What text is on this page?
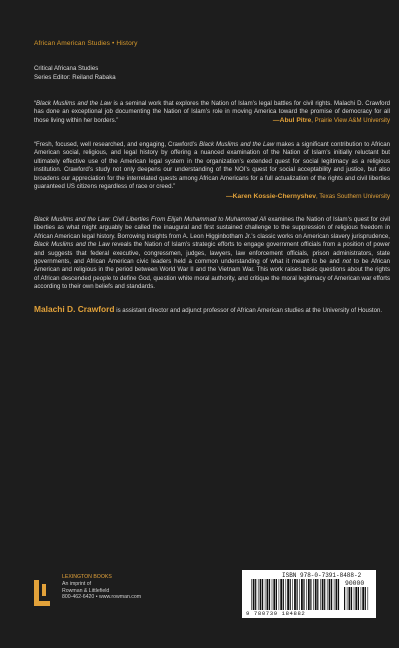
African American Studies • History
Critical Africana Studies
Series Editor: Reiland Rabaka
“Black Muslims and the Law is a seminal work that explores the Nation of Islam’s legal battles for civil rights. Malachi D. Crawford has done an exceptional job documenting the Nation of Islam’s role in moving America toward the promise of democracy for all those living within her borders.”	—Abul Pitre, Prairie View A&M University
“Fresh, focused, well researched, and engaging, Crawford’s Black Muslims and the Law makes a significant contribution to African American social, religious, and legal history by offering a nuanced examination of the Nation of Islam’s initially reluctant but ultimately effective use of the American legal system in the organization’s extended quest for social legitimacy as a religious institution. Crawford’s study not only deepens our understanding of the NOI’s quest for social acceptability and justice, but also broadens our appreciation for the interrelated quests among African Americans for a full actualization of the rights and civil liberties guaranteed US citizens regardless of race or creed.”
—Karen Kossie-Chernyshev, Texas Southern University
Black Muslims and the Law: Civil Liberties From Elijah Muhammad to Muhammad Ali examines the Nation of Islam’s quest for civil liberties as what might arguably be called the inaugural and first sustained challenge to the suppression of religious freedom in African American legal history. Borrowing insights from A. Leon Higginbotham Jr.’s classic works on American slavery jurisprudence, Black Muslims and the Law reveals the Nation of Islam’s strategic efforts to engage government officials from a position of power and suggests that federal executive, congressmen, judges, lawyers, law enforcement officials, prison administrators, state governments, and African American civic leaders held a common understanding of what it meant to be and not to be African American and religious in the period between World War II and the Vietnam War. This work raises basic questions about the rights of African descended people to define God, question white moral authority, and critique the moral legitimacy of American war efforts according to their own beliefs and standards.
Malachi D. Crawford is assistant director and adjunct professor of African American studies at the University of Houston.
LEXINGTON BOOKS
An imprint of
Rowman & Littlefield
800-462-6420 • www.rowman.com
ISBN 978-0-7391-8488-2
90000
9 780739 184882
